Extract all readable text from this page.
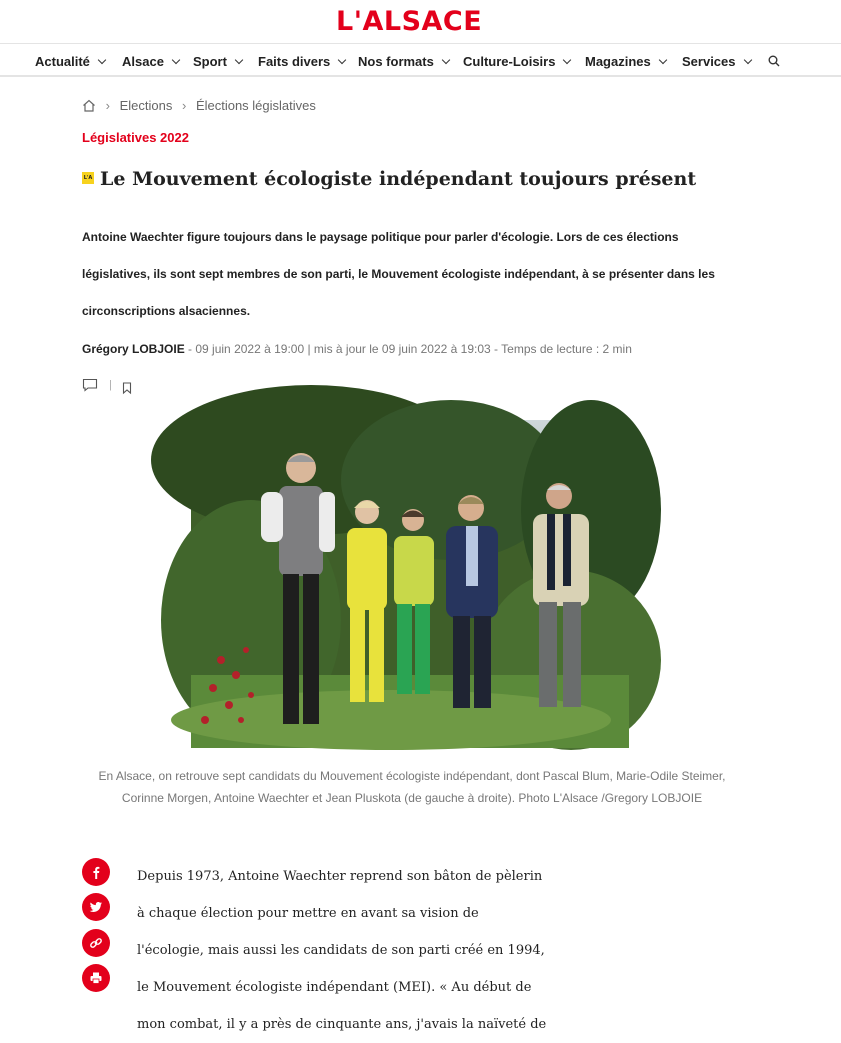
L'ALSACE
Actualité	Alsace	Sport	Faits divers	Nos formats	Culture-Loisirs	Magazines	Services
› Elections › Élections législatives
Législatives 2022
L'A Le Mouvement écologiste indépendant toujours présent
Antoine Waechter figure toujours dans le paysage politique pour parler d'écologie. Lors de ces élections législatives, ils sont sept membres de son parti, le Mouvement écologiste indépendant, à se présenter dans les circonscriptions alsaciennes.
Grégory LOBJOIE - 09 juin 2022 à 19:00 | mis à jour le 09 juin 2022 à 19:03 - Temps de lecture : 2 min
|
En Alsace, on retrouve sept candidats du Mouvement écologiste indépendant, dont Pascal Blum, Marie-Odile Steimer, Corinne Morgen, Antoine Waechter et Jean Pluskota (de gauche à droite). Photo L'Alsace /Gregory LOBJOIE
Depuis 1973, Antoine Waechter reprend son bâton de pèlerin
à chaque élection pour mettre en avant sa vision de
l'écologie, mais aussi les candidats de son parti créé en 1994,
le Mouvement écologiste indépendant (MEI). « Au début de
mon combat, il y a près de cinquante ans, j'avais la naïveté de
